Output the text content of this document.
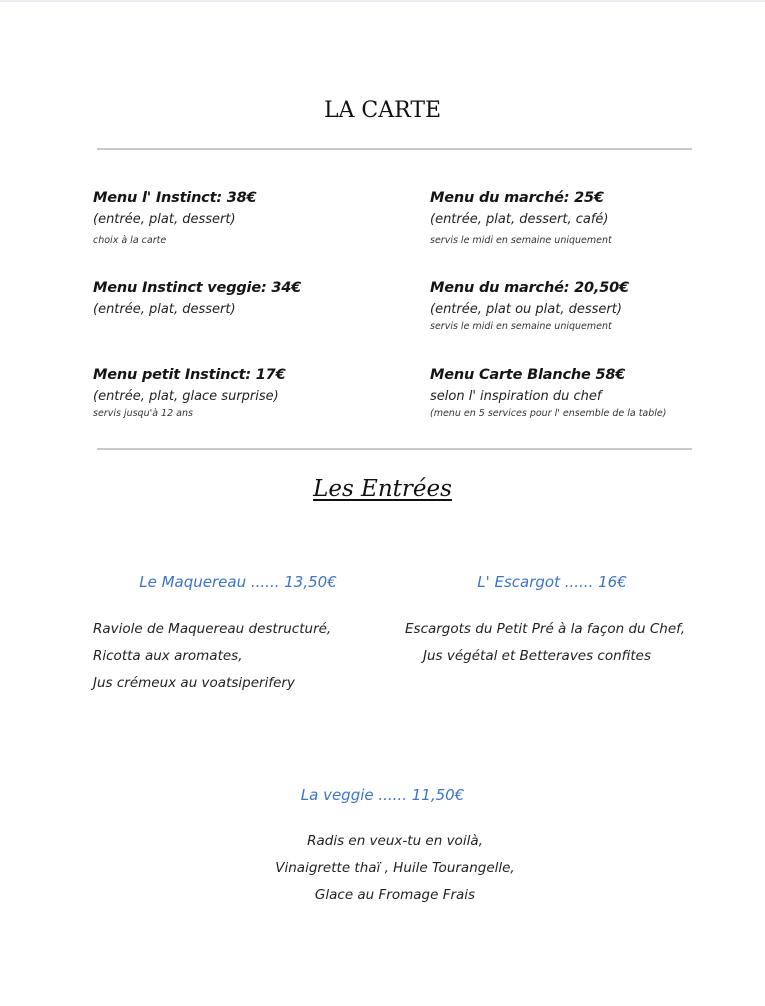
LA CARTE
Menu l' Instinct: 38€
(entrée, plat, dessert)
choix à la carte
Menu du marché: 25€
(entrée, plat, dessert, café)
servis le midi en semaine uniquement
Menu Instinct veggie: 34€
(entrée, plat, dessert)
Menu du marché: 20,50€
(entrée, plat ou plat, dessert)
servis le midi en semaine uniquement
Menu petit Instinct: 17€
(entrée, plat, glace surprise)
servis jusqu'à 12 ans
Menu Carte Blanche 58€
selon l' inspiration du chef
(menu en 5 services pour l' ensemble de la table)
Les Entrées
Le Maquereau ...... 13,50€
Raviole de Maquereau destructuré,
Ricotta aux aromates,
Jus crémeux au voatsiperifery
L' Escargot ...... 16€
Escargots du Petit Pré à la façon du Chef,
Jus végétal et Betteraves confites
La veggie ...... 11,50€
Radis en veux-tu en voilà,
Vinaigrette thaï , Huile Tourangelle,
Glace au Fromage Frais
